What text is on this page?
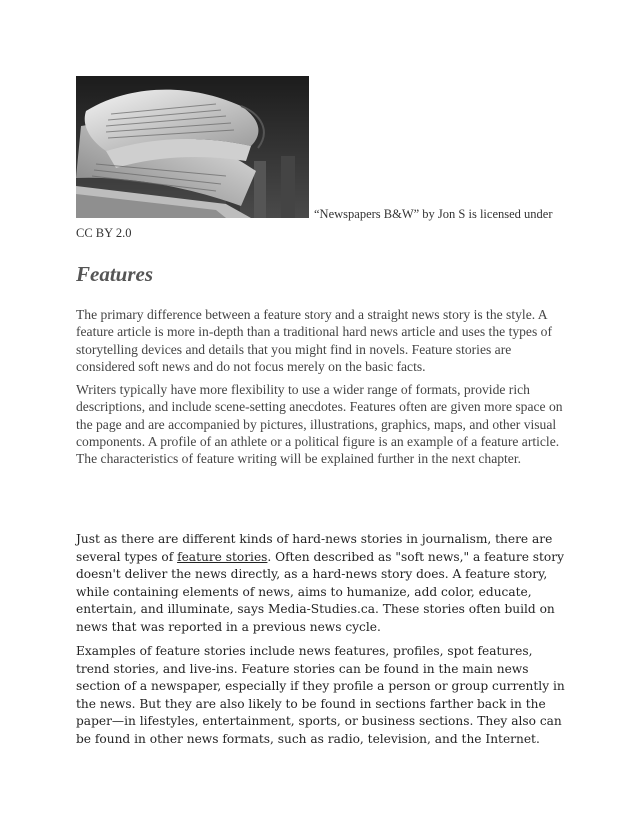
“Newspapers B&W” by Jon S is licensed under
CC BY 2.0
Features

The primary difference between a feature story and a straight news story is the style. A feature article is more in-depth than a traditional hard news article and uses the types of storytelling devices and details that you might find in novels. Feature stories are considered soft news and do not focus merely on the basic facts.

Writers typically have more flexibility to use a wider range of formats, provide rich descriptions, and include scene-setting anecdotes. Features often are given more space on the page and are accompanied by pictures, illustrations, graphics, maps, and other visual components. A profile of an athlete or a political figure is an example of a feature article. The characteristics of feature writing will be explained further in the next chapter.

Just as there are different kinds of hard-news stories in journalism, there are several types of feature stories. Often described as "soft news," a feature story doesn't deliver the news directly, as a hard-news story does. A feature story, while containing elements of news, aims to humanize, add color, educate, entertain, and illuminate, says Media-Studies.ca. These stories often build on news that was reported in a previous news cycle.

Examples of feature stories include news features, profiles, spot features, trend stories, and live-ins. Feature stories can be found in the main news section of a newspaper, especially if they profile a person or group currently in the news. But they are also likely to be found in sections farther back in the paper—in lifestyles, entertainment, sports, or business sections. They also can be found in other news formats, such as radio, television, and the Internet.
